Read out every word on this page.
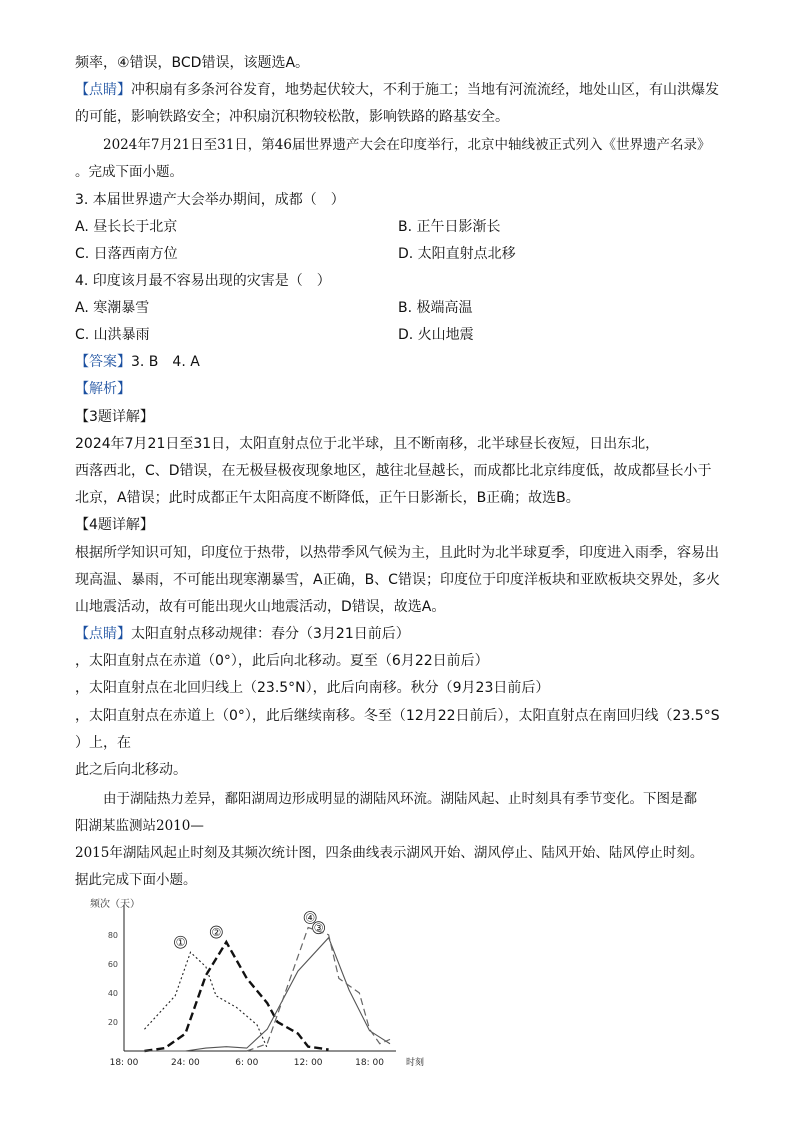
频率，④错误，BCD错误，该题选A。
【点睛】冲积扇有多条河谷发育，地势起伏较大，不利于施工；当地有河流流经，地处山区，有山洪爆发
的可能，影响铁路安全；冲积扇沉积物较松散，影响铁路的路基安全。
2024年7月21日至31日，第46届世界遗产大会在印度举行，北京中轴线被正式列入《世界遗产名录》
。完成下面小题。
3. 本届世界遗产大会举办期间，成都（　）
A. 昼长长于北京	B. 正午日影渐长
C. 日落西南方位	D. 太阳直射点北移
4. 印度该月最不容易出现的灾害是（　）
A. 寒潮暴雪	B. 极端高温
C. 山洪暴雨	D. 火山地震
【答案】3. B　4. A
【解析】
【3题详解】
2024年7月21日至31日，太阳直射点位于北半球，且不断南移，北半球昼长夜短，日出东北，
西落西北，C、D错误，在无极昼极夜现象地区，越往北昼越长，而成都比北京纬度低，故成都昼长小于
北京，A错误；此时成都正午太阳高度不断降低，正午日影渐长，B正确；故选B。
【4题详解】
根据所学知识可知，印度位于热带，以热带季风气候为主，且此时为北半球夏季，印度进入雨季，容易出
现高温、暴雨，不可能出现寒潮暴雪，A正确，B、C错误；印度位于印度洋板块和亚欧板块交界处，多火
山地震活动，故有可能出现火山地震活动，D错误，故选A。
【点睛】太阳直射点移动规律：春分（3月21日前后）
，太阳直射点在赤道（0°），此后向北移动。夏至（6月22日前后）
，太阳直射点在北回归线上（23.5°N），此后向南移。秋分（9月23日前后）
，太阳直射点在赤道上（0°），此后继续南移。冬至（12月22日前后），太阳直射点在南回归线（23.5°S
）上，在
此之后向北移动。
由于湖陆热力差异，鄱阳湖周边形成明显的湖陆风环流。湖陆风起、止时刻具有季节变化。下图是鄱
阳湖某监测站2010—
2015年湖陆风起止时刻及其频次统计图，四条曲线表示湖风开始、湖风停止、陆风开始、陆风停止时刻。
据此完成下面小题。
频次（天）
20
40
60
80
18: 00	24: 00	6: 00	12: 00	18: 00 时刻
①
②	③
④
